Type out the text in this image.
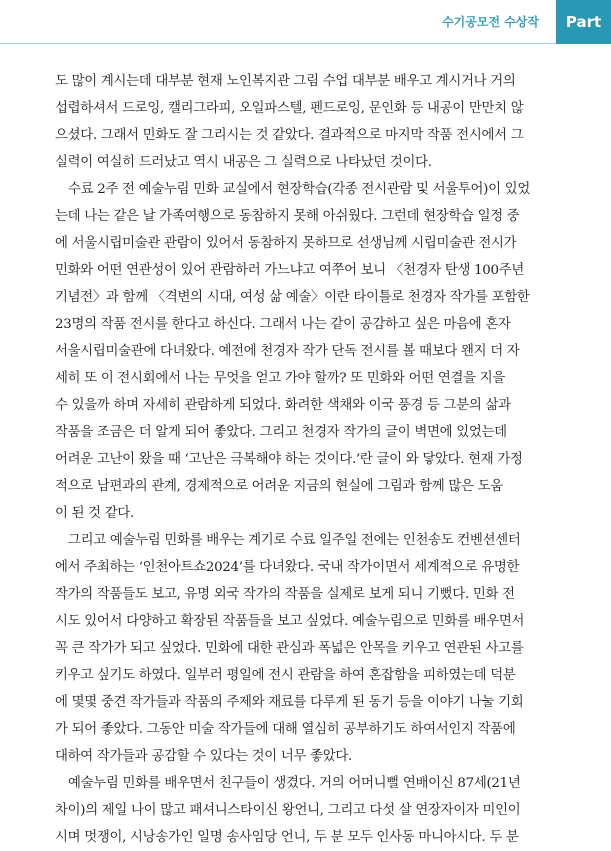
수기공모전 수상작	Part
도 많이 계시는데 대부분 현재 노인복지관 그림 수업 대부분 배우고 계시거나 거의
섭렵하셔서 드로잉, 캘리그라피, 오일파스텔, 펜드로잉, 문인화 등 내공이 만만치 않
으셨다. 그래서 민화도 잘 그리시는 것 같았다. 결과적으로 마지막 작품 전시에서 그
실력이 여실히 드러났고 역시 내공은 그 실력으로 나타났던 것이다.
수료 2주 전 예술누림 민화 교실에서 현장학습(각종 전시관람 및 서울투어)이 있었
는데 나는 같은 날 가족여행으로 동참하지 못해 아쉬웠다. 그런데 현장학습 일정 중
에 서울시립미술관 관람이 있어서 동참하지 못하므로 선생님께 시립미술관 전시가
민화와 어떤 연관성이 있어 관람하러 가느냐고 여쭈어 보니 〈천경자 탄생 100주년
기념전〉과 함께 〈격변의 시대, 여성 삶 예술〉이란 타이틀로 천경자 작가를 포함한
23명의 작품 전시를 한다고 하신다. 그래서 나는 같이 공감하고 싶은 마음에 혼자
서울시립미술관에 다녀왔다. 예전에 천경자 작가 단독 전시를 볼 때보다 왠지 더 자
세히 또 이 전시회에서 나는 무엇을 얻고 가야 할까? 또 민화와 어떤 연결을 지을
수 있을까 하며 자세히 관람하게 되었다. 화려한 색채와 이국 풍경 등 그분의 삶과
작품을 조금은 더 알게 되어 좋았다. 그리고 천경자 작가의 글이 벽면에 있었는데
어려운 고난이 왔을 때 ‘고난은 극복해야 하는 것이다.’란 글이 와 닿았다. 현재 가정
적으로 남편과의 관계, 경제적으로 어려운 지금의 현실에 그림과 함께 많은 도움
이 된 것 같다.
그리고 예술누림 민화를 배우는 계기로 수료 일주일 전에는 인천송도 컨벤션센터
에서 주최하는 ‘인천아트쇼2024’를 다녀왔다. 국내 작가이면서 세계적으로 유명한
작가의 작품들도 보고, 유명 외국 작가의 작품을 실제로 보게 되니 기뻤다. 민화 전
시도 있어서 다양하고 확장된 작품들을 보고 싶었다. 예술누림으로 민화를 배우면서
꼭 큰 작가가 되고 싶었다. 민화에 대한 관심과 폭넓은 안목을 키우고 연관된 사고를
키우고 싶기도 하였다. 일부러 평일에 전시 관람을 하여 혼잡함을 피하였는데 덕분
에 몇몇 중견 작가들과 작품의 주제와 재료를 다루게 된 동기 등을 이야기 나눌 기회
가 되어 좋았다. 그동안 미술 작가들에 대해 열심히 공부하기도 하여서인지 작품에
대하여 작가들과 공감할 수 있다는 것이 너무 좋았다.
예술누림 민화를 배우면서 친구들이 생겼다. 거의 어머니뻘 연배이신 87세(21년
차이)의 제일 나이 많고 패셔니스타이신 왕언니, 그리고 다섯 살 연장자이자 미인이
시며 멋쟁이, 시낭송가인 일명 송사임당 언니, 두 분 모두 인사동 마니아시다. 두 분
